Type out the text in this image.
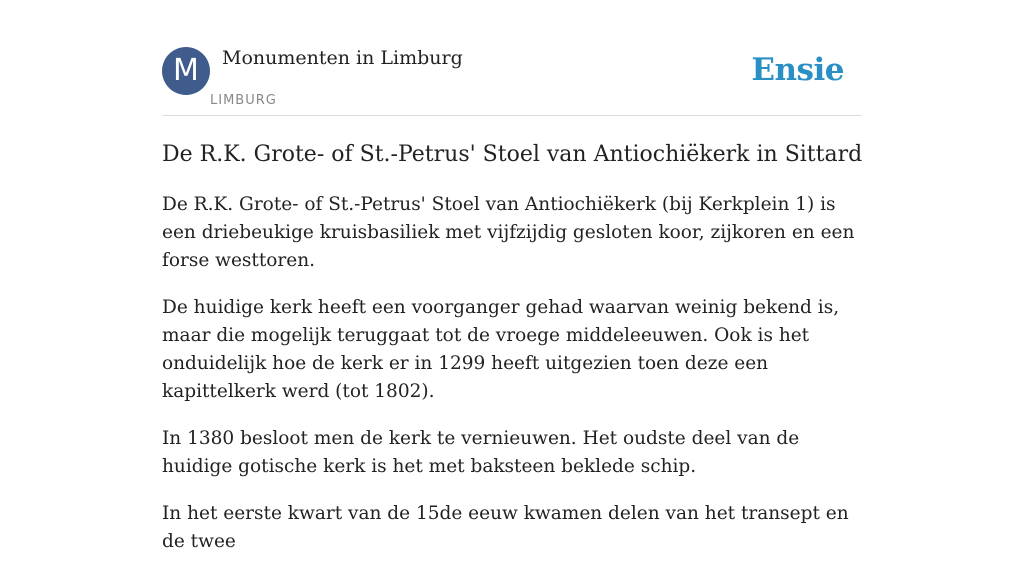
M	Monumenten in Limburg
LIMBURG
Ensie
De R.K. Grote- of St.-Petrus' Stoel van Antiochiëkerk in Sittard

De R.K. Grote- of St.-Petrus' Stoel van Antiochiëkerk (bij Kerkplein 1) is een driebeukige kruisbasiliek met vijfzijdig gesloten koor, zijkoren en een forse westtoren.

De huidige kerk heeft een voorganger gehad waarvan weinig bekend is, maar die mogelijk teruggaat tot de vroege middeleeuwen. Ook is het onduidelijk hoe de kerk er in 1299 heeft uitgezien toen deze een kapittelkerk werd (tot 1802).

In 1380 besloot men de kerk te vernieuwen. Het oudste deel van de huidige gotische kerk is het met baksteen beklede schip.

In het eerste kwart van de 15de eeuw kwamen delen van het transept en de twee
